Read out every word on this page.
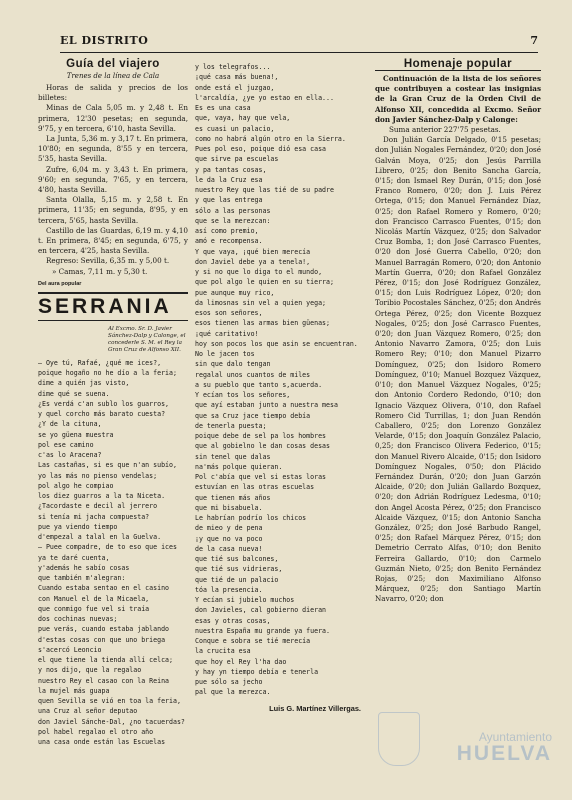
EL DISTRITO	7
Guía del viajero
Trenes de la línea de Cala

Horas de salida y precios de los billetes:

Minas de Cala 5,05 m. y 2,48 t. En primera, 12'30 pesetas; en segunda, 9'75, y en tercera, 6'10, hasta Sevilla.

La Junta, 5,36 m. y 3,17 t. En primera, 10'80; en segunda, 8'55 y en tercera, 5'35, hasta Sevilla.

Zufre, 6,04 m. y 3,43 t. En primera, 9'60; en segunda, 7'65, y en tercera, 4'80, hasta Sevilla.

Santa Olalla, 5,15 m. y 2,58 t. En primera, 11'35; en segunda, 8'95, y en tercera, 5'65, hasta Sevilla.

Castillo de las Guardas, 6,19 m. y 4,10 t. En primera, 8'45; en segunda, 6'75, y en tercera, 4'25, hasta Sevilla.

Regreso: Sevilla, 6,35 m. y 5,00 t.

» Camas, 7,11 m. y 5,30 t.

Del aura popular
SERRANIA
Al Excmo. Sr. D. Javier Sánchez-Dalp y Calonge, el concederle S. M. el Rey la Gran Cruz de Alfonso XII.
— Oye tú, Rafaé, ¿qué me ices?,
poique hogaño no he dío a la feria;
dime a quién jas visto,
dime qué se suena.
¿Es verdá c'an sublo los guarros,
y quel corcho más barato cuesta?
¿Y de la cituna,
se yo güena muestra
pol ese camino
c'as lo Aracena?
Las castañas, si es que n'an subío,
yo las más no pienso vendelas;
pol algo he compiao
los diez guarros a la ta Niceta.
¿Tacordaste e decil al jerrero
si tenía mi jacha compuesta?
pue ya viendo tiempo
d'empezal a talal en la Guelva.
— Puee compadre, de to eso que ices
ya te daré cuenta,
y'además he sabío cosas
que también m'alegran:
Cuando estaba sentao en el casino
con Manuel el de la Micaela,
que conmigo fue vel si traía
dos cochinas nuevas;
pue verás, cuando estaba jablando
d'estas cosas con que uno briega
s'acercó Leoncio
el que tiene la tienda allí celca;
y nos dijo, que la regalao
nuestro Rey el casao con la Reina
la mujel más guapa
quen Sevilla se vió en toa la feria,
una Cruz al señor deputao
don Javiel Sánche-Dal, ¿no tacuerdas?
pol habel regalao el otro año
una casa onde están las Escuelas
y los telegrafos...
¡qué casa más buena!,
onde está el juzgao,
l'arcaldía, ¿ye yo estao en ella...
Es es una casa
que, vaya, hay que vela,
es cuasi un palacio,
como no habrá algún otro en la Sierra.
Pues pol eso, poique dió esa casa
que sirve pa escuelas
y pa tantas cosas,
le da la Cruz esa
nuestro Rey que las tié de su padre
y que las entrega
sólo a las personas
que se la merezcan:
así como premio,
amó e recompensa.
Y que vaya, ¡qué bien merecía
don Javiel debe ya a tenela!,
y si no que lo diga to el mundo,
que pol algo le quien en su tierra;
pue aunque muy rico,
da limosnas sin vel a quien yega;
esos son señores,
esos tienen las armas bien güenas;
¡qué caritativo!
hoy son pocos los que asin se encuentran.
No le jacen tos
sin que dalo tengan
regalal unos cuantos de miles
a su pueblo que tanto s,acuerda.
Y ecían tos los señores,
que ayí estaban junto a nuestra mesa
que sa Cruz jace tiempo debía
de tenerla puesta;
poique debe de sel pa los hombres
que al gobielno le dan cosas desas
sin tenel que dalas
na'más polque quieran.
Pol c'abía que vel si estas loras
estuvían en las otras escuelas
que tienen más años
que mi bisabuela.
Le habrían podrío los chicos
de mieo y de pena
¡y que no va poco
de la casa nueva!
que tié sus balcones,
que tié sus vidrieras,
que tié de un palacio
tóa la presencia.
Y ecían si jubielo muchos
don Javieles, cal gobierno dieran
esas y otras cosas,
nuestra España mu grande ya fuera.
Conque e sobra se tié merecía
la crucita esa
que hoy el Rey l'ha dao
y hay yn tiempo debía e tenerla
pue sólo sa jecho
pal que la merezca.
Luis G. Martínez Villergas.
Homenaje popular

Continuación de la lista de los señores que contribuyen a costear las insignias de la Gran Cruz de la Orden Civil de Alfonso XII, concedida al Excmo. Señor don Javier Sánchez-Dalp y Calonge:

Suma anterior 227'75 pesetas.

Don Julián García Delgado, 0'15 pesetas; don Julián Nogales Fernández, 0'20; don José Galván Moya, 0'25; don Jesús Parrilla Librero, 0'25; don Benito Sancha García, 0'15; don Ismael Rey Durán, 0'15; don José Franco Romero, 0'20; don J. Luis Pérez Ortega, 0'15; don Manuel Fernández Díaz, 0'25; don Rafael Romero y Romero, 0'20; don Francisco Carrasco Fuentes, 0'15; don Nicolás Martín Vázquez, 0'25; don Salvador Cruz Bomba, 1; don José Carrasco Fuentes, 0'20 don José Guerra Cabello, 0'20; don Manuel Barragán Romero, 0'20; don Antonio Martín Guerra, 0'20; don Rafael González Pérez, 0'15; don José Rodríguez González, 0'15; don Luis Rodríguez López, 0'20; don Toribio Pocostales Sánchez, 0'25; don Andrés Ortega Pérez, 0'25; don Vicente Bozquez Nogales, 0'25; don José Carrasco Fuentes, 0'20; don Juan Vázquez Romero, 0'25; don Antonio Navarro Zamora, 0'25; don Luis Romero Rey; 0'10; don Manuel Pizarro Domínguez, 0'25; don Isidoro Romero Domínguez, 0'10; Manuel Bozquez Vázquez, 0'10; don Manuel Vázquez Nogales, 0'25; don Antonio Cordero Redondo, 0'10; don Ignacio Vázquez Olivera, 0'10, don Rafael Romero Cid Turrillas, 1; don Juan Rendón Caballero, 0'25; don Lorenzo González Velarde, 0'15; don Joaquín González Palacio, 0,25; don Francisco Olivera Federico, 0'15; don Manuel Rivero Alcaide, 0'15; don Isidoro Domínguez Nogales, 0'50; don Plácido Fernández Durán, 0'20; don Juan Garzón Alcaide, 0'20; don Julián Gallardo Bozquez, 0'20; don Adrián Rodríguez Ledesma, 0'10; don Angel Acosta Pérez, 0'25; don Francisco Alcaide Vázquez, 0'15; don Antonio Sancha González, 0'25; don José Barbudo Rangel, 0'25; don Rafael Márquez Pérez, 0'15; don Demetrio Cerrato Alfas, 0'10; don Benito Ferreira Gallardo, 0'10; don Carmelo Guzmán Nieto, 0'25; don Benito Fernández Rojas, 0'25; don Maximiliano Alfonso Márquez, 0'25; don Santiago Martín Navarro, 0'20; don

Ayuntamiento
HUELVA
